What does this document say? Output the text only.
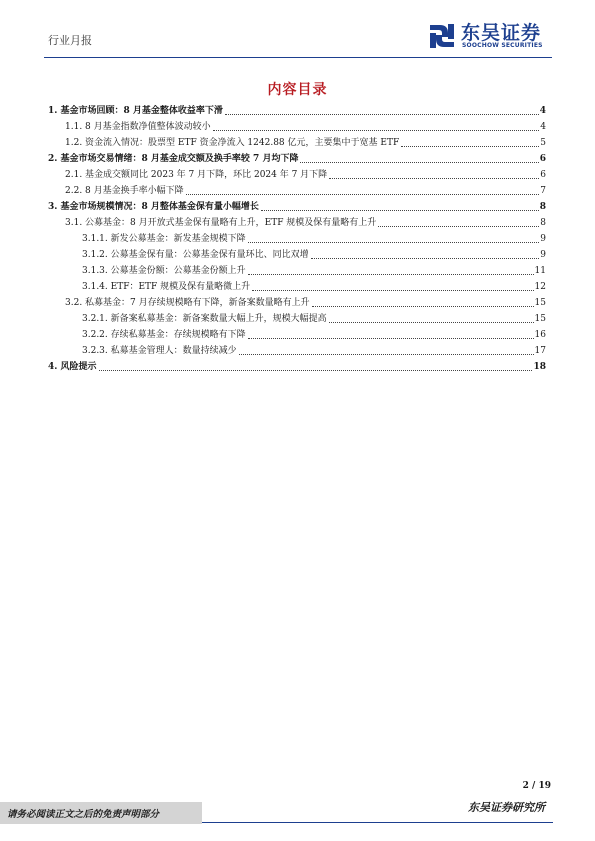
行业月报	东吴证券
SOOCHOW SECURITIES
内容目录
1. 基金市场回顾：8 月基金整体收益率下滑	4
1.1. 8 月基金指数净值整体波动较小	4
1.2. 资金流入情况：股票型 ETF 资金净流入 1242.88 亿元，主要集中于宽基 ETF	5
2. 基金市场交易情绪：8 月基金成交额及换手率较 7 月均下降	6
2.1. 基金成交额同比 2023 年 7 月下降，环比 2024 年 7 月下降	6
2.2. 8 月基金换手率小幅下降	7
3. 基金市场规模情况：8 月整体基金保有量小幅增长	8
3.1. 公募基金：8 月开放式基金保有量略有上升，ETF 规模及保有量略有上升	8
3.1.1. 新发公募基金：新发基金规模下降	9
3.1.2. 公募基金保有量：公募基金保有量环比、同比双增	9
3.1.3. 公募基金份额：公募基金份额上升	11
3.1.4. ETF：ETF 规模及保有量略微上升	12
3.2. 私募基金：7 月存续规模略有下降，新备案数量略有上升	15
3.2.1. 新备案私募基金：新备案数量大幅上升，规模大幅提高	15
3.2.2. 存续私募基金：存续规模略有下降	16
3.2.3. 私募基金管理人：数量持续减少	17
4. 风险提示	18
2 / 19
请务必阅读正文之后的免责声明部分
东吴证券研究所
